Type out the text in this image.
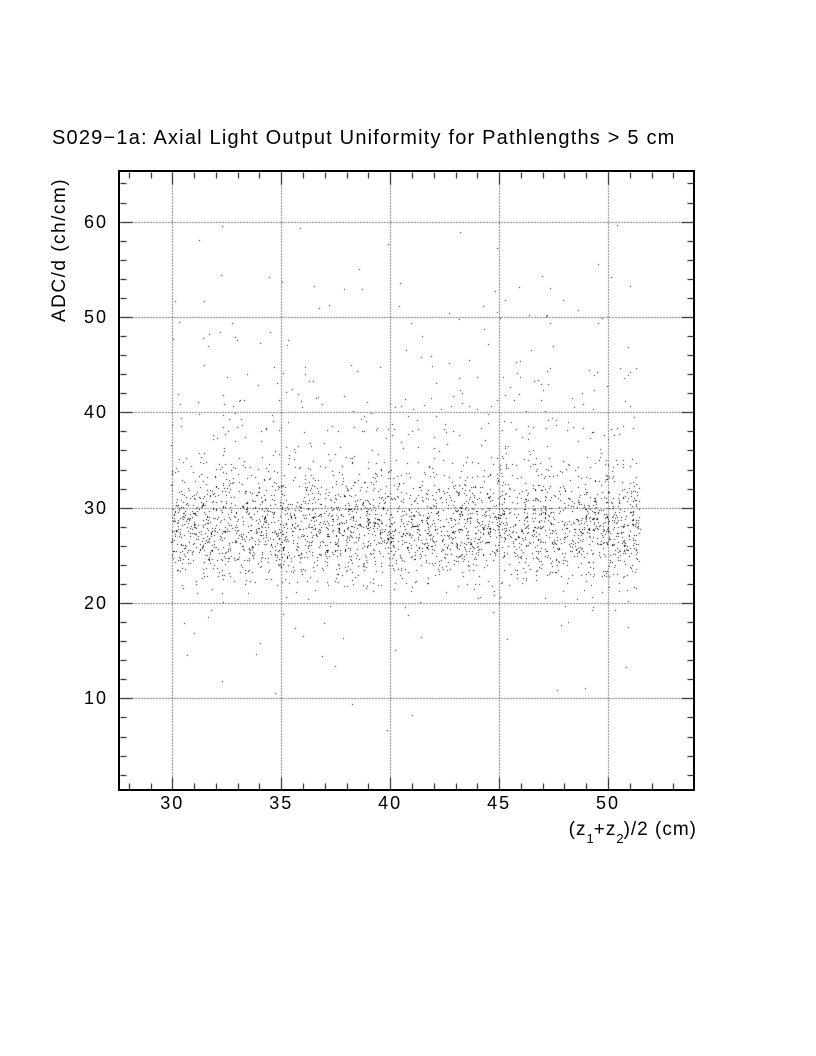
S029−1a: Axial Light Output Uniformity for Pathlengths > 5 cm
ADC/d (ch/cm)
30	35	40	45	50
10
20
30
40
50
60
$(z_1+z_2)/2$ (cm)
